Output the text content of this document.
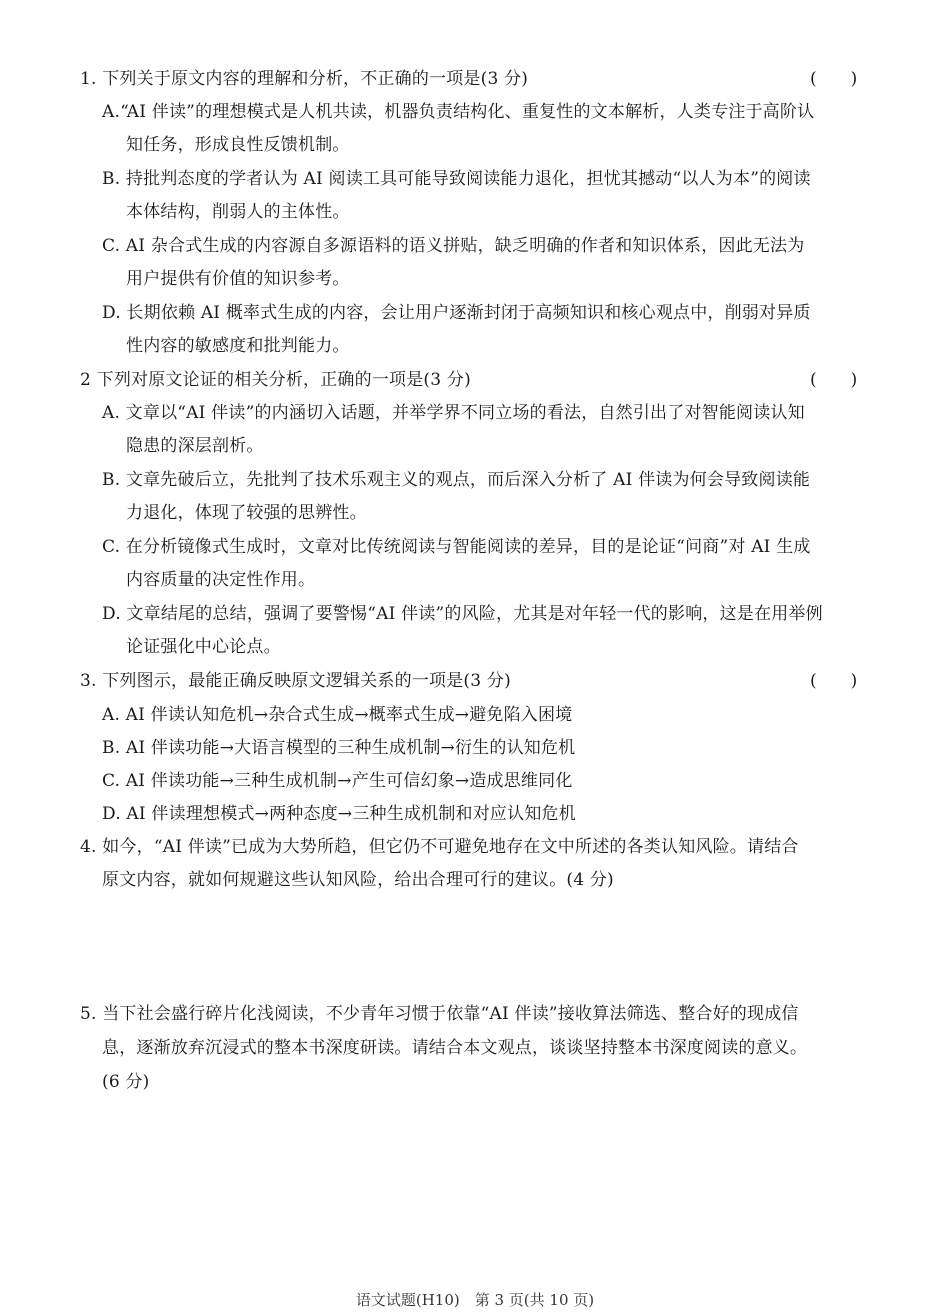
1. 下列关于原文内容的理解和分析，不正确的一项是(3 分)	(　　)
A.“AI 伴读”的理想模式是人机共读，机器负责结构化、重复性的文本解析，人类专注于高阶认
知任务，形成良性反馈机制。
B. 持批判态度的学者认为 AI 阅读工具可能导致阅读能力退化，担忧其撼动“以人为本”的阅读
本体结构，削弱人的主体性。
C. AI 杂合式生成的内容源自多源语料的语义拼贴，缺乏明确的作者和知识体系，因此无法为
用户提供有价值的知识参考。
D. 长期依赖 AI 概率式生成的内容，会让用户逐渐封闭于高频知识和核心观点中，削弱对异质
性内容的敏感度和批判能力。
2 下列对原文论证的相关分析，正确的一项是(3 分)	(　　)
A. 文章以“AI 伴读”的内涵切入话题，并举学界不同立场的看法，自然引出了对智能阅读认知
隐患的深层剖析。
B. 文章先破后立，先批判了技术乐观主义的观点，而后深入分析了 AI 伴读为何会导致阅读能
力退化，体现了较强的思辨性。
C. 在分析镜像式生成时，文章对比传统阅读与智能阅读的差异，目的是论证“问商”对 AI 生成
内容质量的决定性作用。
D. 文章结尾的总结，强调了要警惕“AI 伴读”的风险，尤其是对年轻一代的影响，这是在用举例
论证强化中心论点。
3. 下列图示，最能正确反映原文逻辑关系的一项是(3 分)	(　　)
A. AI 伴读认知危机→杂合式生成→概率式生成→避免陷入困境
B. AI 伴读功能→大语言模型的三种生成机制→衍生的认知危机
C. AI 伴读功能→三种生成机制→产生可信幻象→造成思维同化
D. AI 伴读理想模式→两种态度→三种生成机制和对应认知危机
4. 如今，“AI 伴读”已成为大势所趋，但它仍不可避免地存在文中所述的各类认知风险。请结合
原文内容，就如何规避这些认知风险，给出合理可行的建议。(4 分)
5. 当下社会盛行碎片化浅阅读，不少青年习惯于依靠“AI 伴读”接收算法筛选、整合好的现成信
息，逐渐放弃沉浸式的整本书深度研读。请结合本文观点，谈谈坚持整本书深度阅读的意义。
(6 分)
语文试题(H10)　第 3 页(共 10 页)
